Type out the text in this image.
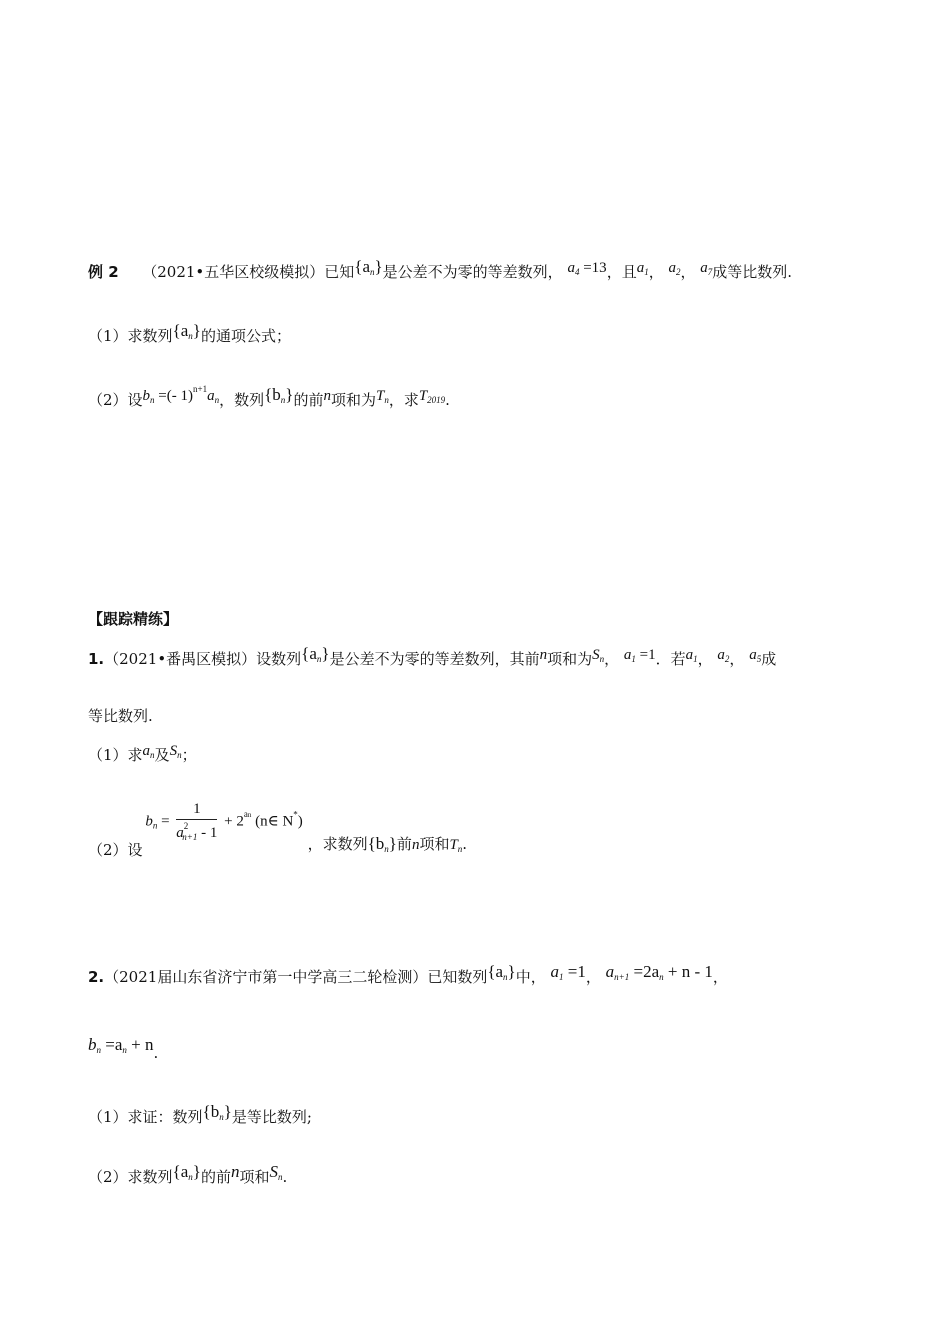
例 2 （2021•五华区校级模拟）已知$\{a_n\}$是公差不为零的等差数列， $a_4 =13$，且$a_1$， $a_2$， $a_7$成等比数列.
（1）求数列$\{a_n\}$的通项公式；
（2）设$b_n$ =(- $1)^{n+1}a_n$，数列$\{b_n\}$的前n项和为$T_n$，求$T_{2019}$.
【跟踪精练】
1.（2021•番禺区模拟）设数列$\{a_n\}$是公差不为零的等差数列，其前n项和为$S_n$， $a_1 =1$．若$a_1$， $a_2$， $a_5$成
等比数列.
（1）求$a_n$及$S_n$；
（2）设 $b_n = \frac{1}{a^2_{n+1} - 1} + 2^{an}$ (n∈ N*) ，求数列$\{b_n\}$前n项和$T_n$.
2.（2021届山东省济宁市第一中学高三二轮检测）已知数列$\{a_n\}$中， $a_1 =1$， $a_{n+1} =2a_n + n - 1$，
$b_n =a_n + n$.
（1）求证：数列$\{b_n\}$是等比数列;
（2）求数列$\{a_n\}$的前n项和$S_n$.
